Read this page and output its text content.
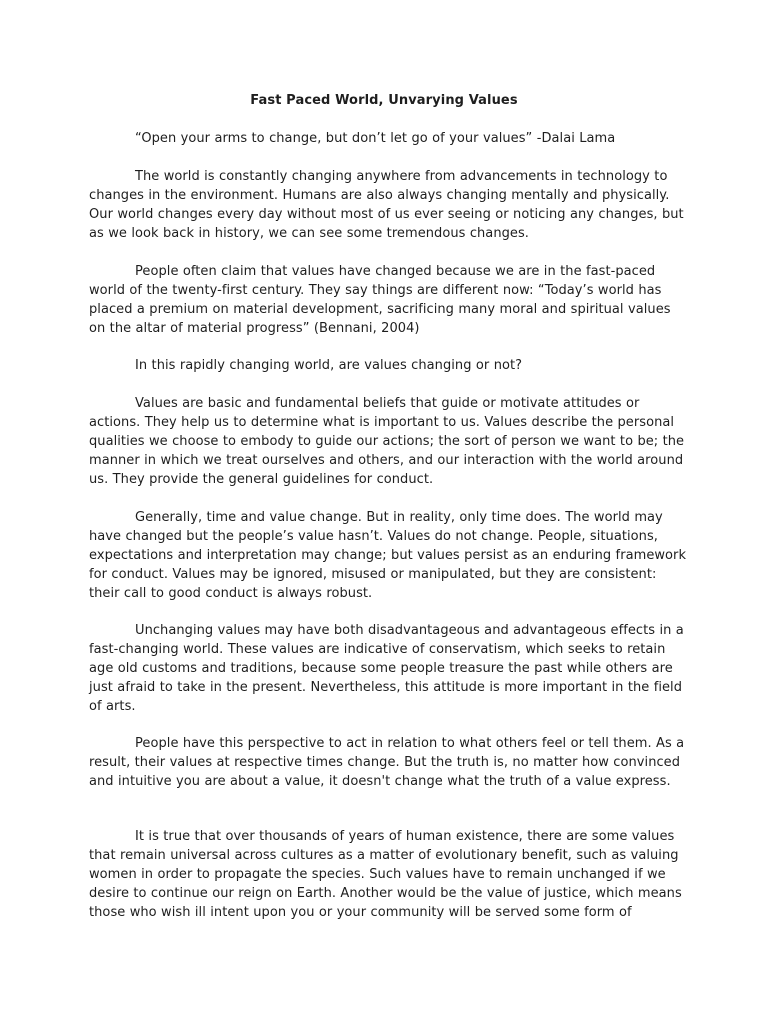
Fast Paced World, Unvarying Values

“Open your arms to change, but don’t let go of your values” -Dalai Lama

The world is constantly changing anywhere from advancements in technology to changes in the environment. Humans are also always changing mentally and physically. Our world changes every day without most of us ever seeing or noticing any changes, but as we look back in history, we can see some tremendous changes.

People often claim that values have changed because we are in the fast-paced world of the twenty-first century. They say things are different now: “Today’s world has placed a premium on material development, sacrificing many moral and spiritual values on the altar of material progress” (Bennani, 2004)

In this rapidly changing world, are values changing or not?

Values are basic and fundamental beliefs that guide or motivate attitudes or actions. They help us to determine what is important to us. Values describe the personal qualities we choose to embody to guide our actions; the sort of person we want to be; the manner in which we treat ourselves and others, and our interaction with the world around us. They provide the general guidelines for conduct.

Generally, time and value change. But in reality, only time does. The world may have changed but the people’s value hasn’t. Values do not change. People, situations, expectations and interpretation may change; but values persist as an enduring framework for conduct. Values may be ignored, misused or manipulated, but they are consistent: their call to good conduct is always robust.

Unchanging values may have both disadvantageous and advantageous effects in a fast-changing world. These values are indicative of conservatism, which seeks to retain age old customs and traditions, because some people treasure the past while others are just afraid to take in the present. Nevertheless, this attitude is more important in the field of arts.

People have this perspective to act in relation to what others feel or tell them. As a result, their values at respective times change. But the truth is, no matter how convinced and intuitive you are about a value, it doesn't change what the truth of a value express.

It is true that over thousands of years of human existence, there are some values that remain universal across cultures as a matter of evolutionary benefit, such as valuing women in order to propagate the species. Such values have to remain unchanged if we desire to continue our reign on Earth. Another would be the value of justice, which means those who wish ill intent upon you or your community will be served some form of
